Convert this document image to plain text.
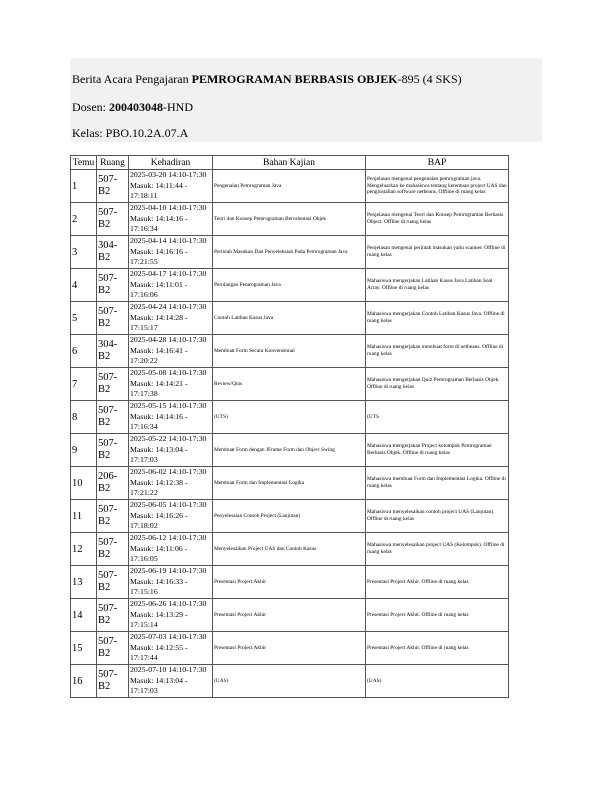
Berita Acara Pengajaran PEMROGRAMAN BERBASIS OBJEK-895 (4 SKS)
Dosen: 200403048-HND
Kelas: PBO.10.2A.07.A
Temu	Ruang	Kehadiran	Bahan Kajian	BAP
1	507-B2	2025-03-20 14:10-17:30
Masuk: 14:11:44 -
17:18:11	Pengenalan Pemrograman Java	Penjelasan mengenai pengenalan pemrograman java. Mengeluarkan ke mahasiswa tentang ketentuan project UAS dan penginstallan software netbeans. Offline di ruang kelas
2	507-B2	2025-04-10 14:10-17:30
Masuk: 14:14:16 -
17:16:34	Teori dan Konsep Pemrograman Berorientasi Objek	Penjelasan mengenai Teori dan Konsep Pemrograman Berbasis Object. Offline di ruang kelas
3	304-B2	2025-04-14 14:10-17:30
Masuk: 14:16:16 -
17:21:55	Perintah Masukan Dan Penyeleksian Pada Pemrograman Java	Penjelasan mengenai perintah masukan yaitu scanner. Offline di ruang kelas
4	507-B2	2025-04-17 14:10-17:30
Masuk: 14:11:01 -
17:16:06	Perulangan Pemrograman Java	Mahasiswa mengerjakan Latihan Kasus Java Latihan Soal Array. Offline di ruang kelas
5	507-B2	2025-04-24 14:10-17:30
Masuk: 14:14:28 -
17:15:17	Contoh Latihan Kasus Java	Mahasiswa mengerjakan Contoh Latihan Kasus Java. Offline di ruang kelas
6	304-B2	2025-04-28 14:10-17:30
Masuk: 14:16:41 -
17:20:22	Membuat Form Secara Konvensional	Mahasiswa mengerjakan membuat form di netbeans. Offline di ruang kelas
7	507-B2	2025-05-08 14:10-17:30
Masuk: 14:14:21 -
17:17:38	Review/Quis	Mahasiswa mengerjakan Quiz Pemrograman Berbasis Objek. Offline di ruang kelas
8	507-B2	2025-05-15 14:10-17:30
Masuk: 14:14:16 -
17:16:34	(UTS)	(UTS
9	507-B2	2025-05-22 14:10-17:30
Masuk: 14:13:04 -
17:17:03	Membuat Form dengan JFrame Form dan Object Swing	Mahasiswa mengerjakan Project kelompok Pemrograman Berbasis Objek. Offline di ruang kelas
10	206-B2	2025-06-02 14:10-17:30
Masuk: 14:12:38 -
17:21:22	Membuat Form dan Implementasi Logika	Mahasiswa membuat Form dan Implementasi Logika. Offline di ruang kelas
11	507-B2	2025-06-05 14:10-17:30
Masuk: 14:16:26 -
17:18:02	Penyelesaian Contoh Project (Lanjutan)	Mahasiswa menyelesaikan contoh project UAS (Lanjutan). Offline di ruang kelas
12	507-B2	2025-06-12 14:10-17:30
Masuk: 14:11:06 -
17:16:05	Menyelesaikan Project UAS dan Contoh Kasus	Mahasiswa menyelesaikan project UAS (Kelompok). Offline di ruang kelas
13	507-B2	2025-06-19 14:10-17:30
Masuk: 14:16:33 -
17:15:16	Presentasi Project Akhir	Presentasi Project Akhir. Offline di ruang kelas
14	507-B2	2025-06-26 14:10-17:30
Masuk: 14:13:29 -
17:15:14	Presentasi Project Akhir	Presentasi Project Akhir. Offline di ruang kelas
15	507-B2	2025-07-03 14:10-17:30
Masuk: 14:12:55 -
17:17:44	Presentasi Project Akhir	Presentasi Project Akhir. Offline di ruang kelas
16	507-B2	2025-07-10 14:10-17:30
Masuk: 14:13:04 -
17:17:03	(UAS)	(UAS)
